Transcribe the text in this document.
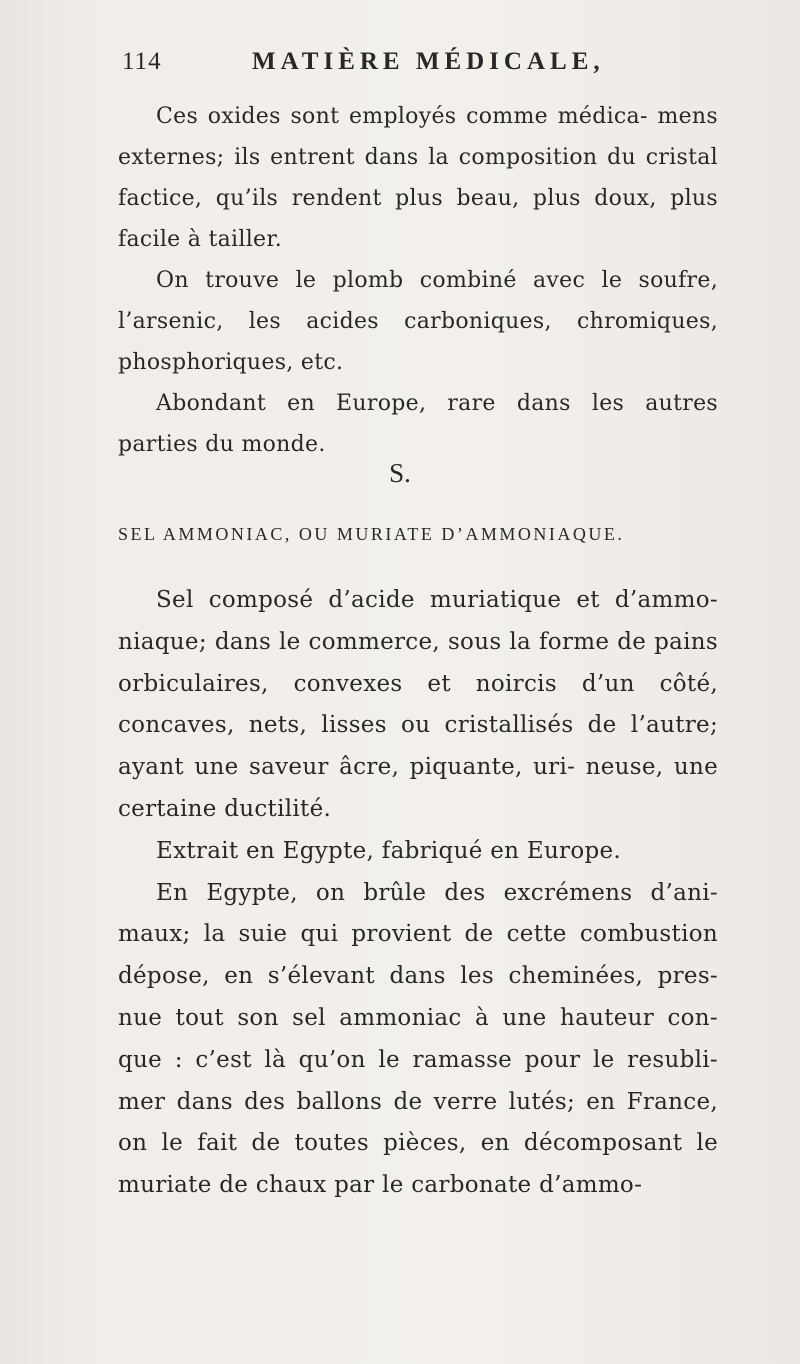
114	MATIÈRE MÉDICALE,

Ces oxides sont employés comme médica- mens externes; ils entrent dans la composition du cristal factice, qu’ils rendent plus beau, plus doux, plus facile à tailler.

On trouve le plomb combiné avec le soufre, l’arsenic, les acides carboniques, chromiques, phosphoriques, etc.

Abondant en Europe, rare dans les autres parties du monde.

S.
SEL AMMONIAC, OU MURIATE D’AMMONIAQUE.

Sel composé d’acide muriatique et d’ammo- niaque; dans le commerce, sous la forme de pains orbiculaires, convexes et noircis d’un côté, concaves, nets, lisses ou cristallisés de l’autre; ayant une saveur âcre, piquante, uri- neuse, une certaine ductilité.

Extrait en Egypte, fabriqué en Europe.

En Egypte, on brûle des excrémens d’ani- maux; la suie qui provient de cette combustion dépose, en s’élevant dans les cheminées, pres- nue tout son sel ammoniac à une hauteur con- que : c’est là qu’on le ramasse pour le resubli- mer dans des ballons de verre lutés; en France, on le fait de toutes pièces, en décomposant le muriate de chaux par le carbonate d’ammo-
